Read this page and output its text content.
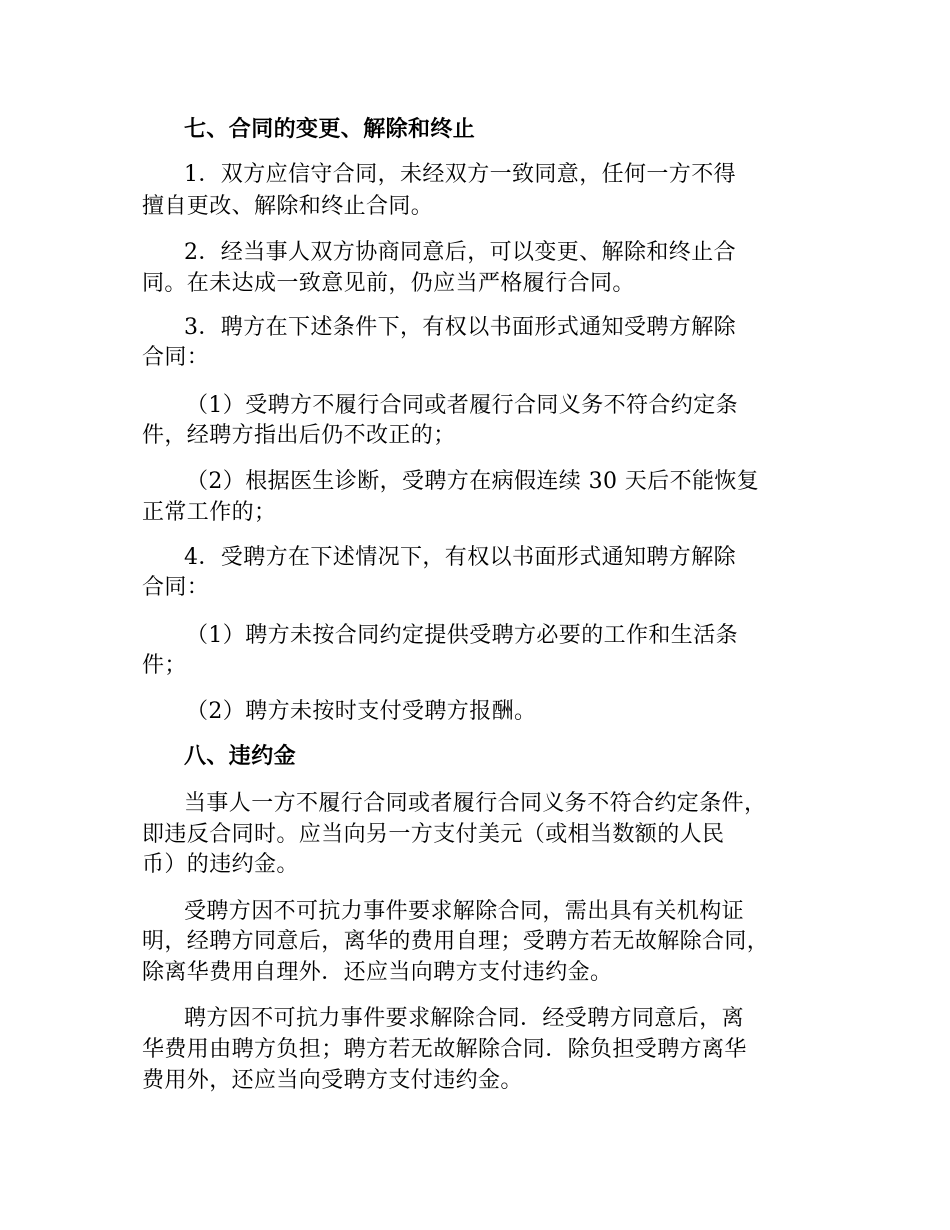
七、合同的变更、解除和终止
1．双方应信守合同，未经双方一致同意，任何一方不得
擅自更改、解除和终止合同。
2．经当事人双方协商同意后，可以变更、解除和终止合
同。在未达成一致意见前，仍应当严格履行合同。
3．聘方在下述条件下，有权以书面形式通知受聘方解除
合同：
（1）受聘方不履行合同或者履行合同义务不符合约定条
件，经聘方指出后仍不改正的；
（2）根据医生诊断，受聘方在病假连续 30 天后不能恢复
正常工作的；
4．受聘方在下述情况下，有权以书面形式通知聘方解除
合同：
（1）聘方未按合同约定提供受聘方必要的工作和生活条
件；
（2）聘方未按时支付受聘方报酬。
八、违约金
当事人一方不履行合同或者履行合同义务不符合约定条件，
即违反合同时。应当向另一方支付美元（或相当数额的人民
币）的违约金。
受聘方因不可抗力事件要求解除合同，需出具有关机构证
明，经聘方同意后，离华的费用自理；受聘方若无故解除合同，
除离华费用自理外．还应当向聘方支付违约金。
聘方因不可抗力事件要求解除合同．经受聘方同意后，离
华费用由聘方负担；聘方若无故解除合同．除负担受聘方离华
费用外，还应当向受聘方支付违约金。
